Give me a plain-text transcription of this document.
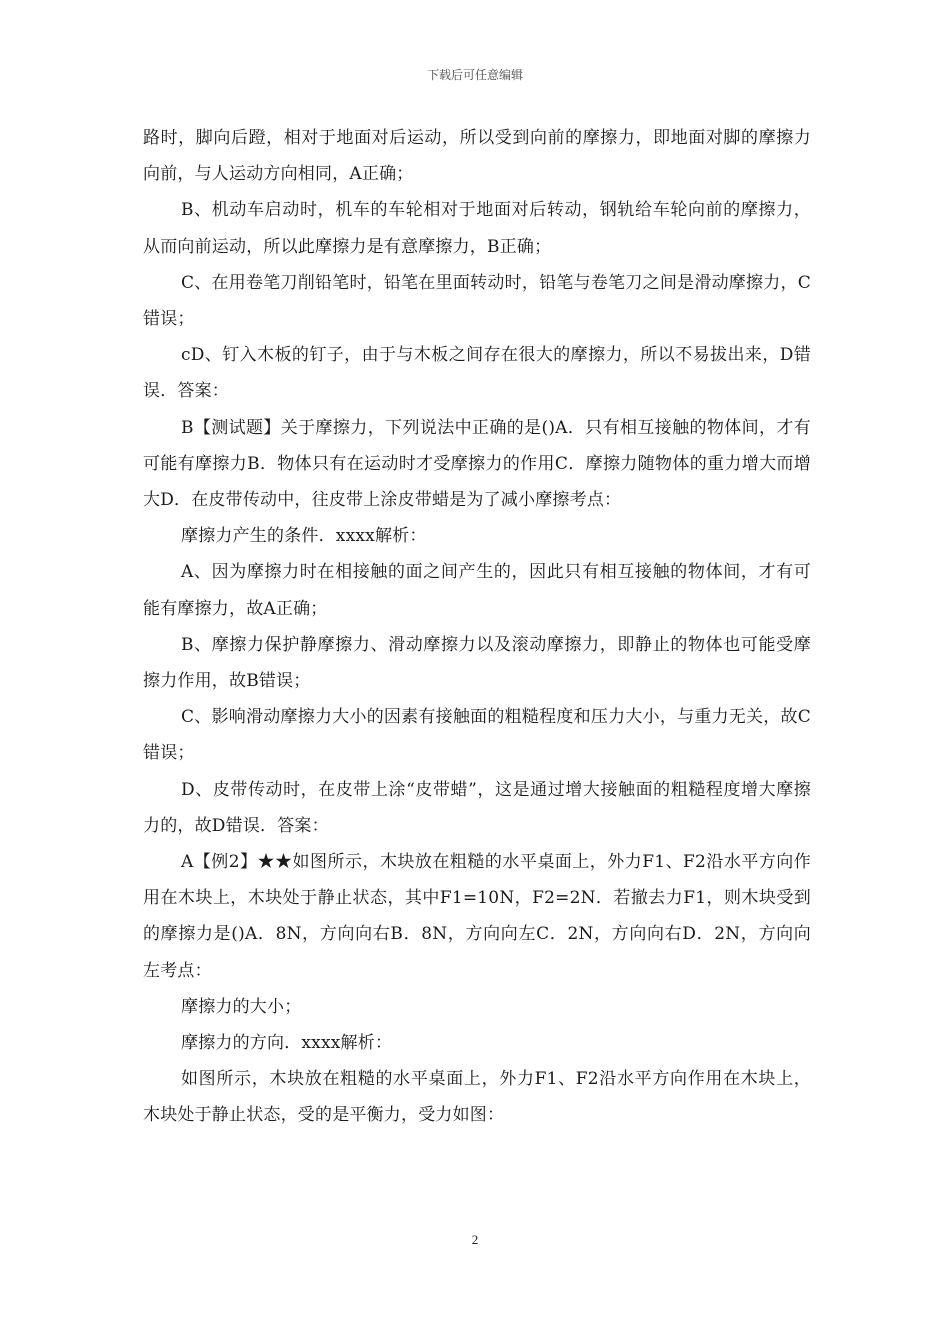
下载后可任意编辑

路时，脚向后蹬，相对于地面对后运动，所以受到向前的摩擦力，即地面对脚的摩擦力向前，与人运动方向相同，A正确；

B、机动车启动时，机车的车轮相对于地面对后转动，钢轨给车轮向前的摩擦力，从而向前运动，所以此摩擦力是有意摩擦力，B正确；

C、在用卷笔刀削铅笔时，铅笔在里面转动时，铅笔与卷笔刀之间是滑动摩擦力，C错误；

cD、钉入木板的钉子，由于与木板之间存在很大的摩擦力，所以不易拔出来，D错误．答案：

B【测试题】关于摩擦力，下列说法中正确的是()A．只有相互接触的物体间，才有可能有摩擦力B．物体只有在运动时才受摩擦力的作用C．摩擦力随物体的重力增大而增大D．在皮带传动中，往皮带上涂皮带蜡是为了减小摩擦考点：

摩擦力产生的条件．xxxx解析：

A、因为摩擦力时在相接触的面之间产生的，因此只有相互接触的物体间，才有可能有摩擦力，故A正确；

B、摩擦力保护静摩擦力、滑动摩擦力以及滚动摩擦力，即静止的物体也可能受摩擦力作用，故B错误；

C、影响滑动摩擦力大小的因素有接触面的粗糙程度和压力大小，与重力无关，故C错误；

D、皮带传动时，在皮带上涂“皮带蜡”，这是通过增大接触面的粗糙程度增大摩擦力的，故D错误．答案：

A【例2】★★如图所示，木块放在粗糙的水平桌面上，外力F1、F2沿水平方向作用在木块上，木块处于静止状态，其中F1=10N，F2=2N．若撤去力F1，则木块受到的摩擦力是()A．8N，方向向右B．8N，方向向左C．2N，方向向右D．2N，方向向左考点：

摩擦力的大小；

摩擦力的方向．xxxx解析：

如图所示，木块放在粗糙的水平桌面上，外力F1、F2沿水平方向作用在木块上，木块处于静止状态，受的是平衡力，受力如图：

2
